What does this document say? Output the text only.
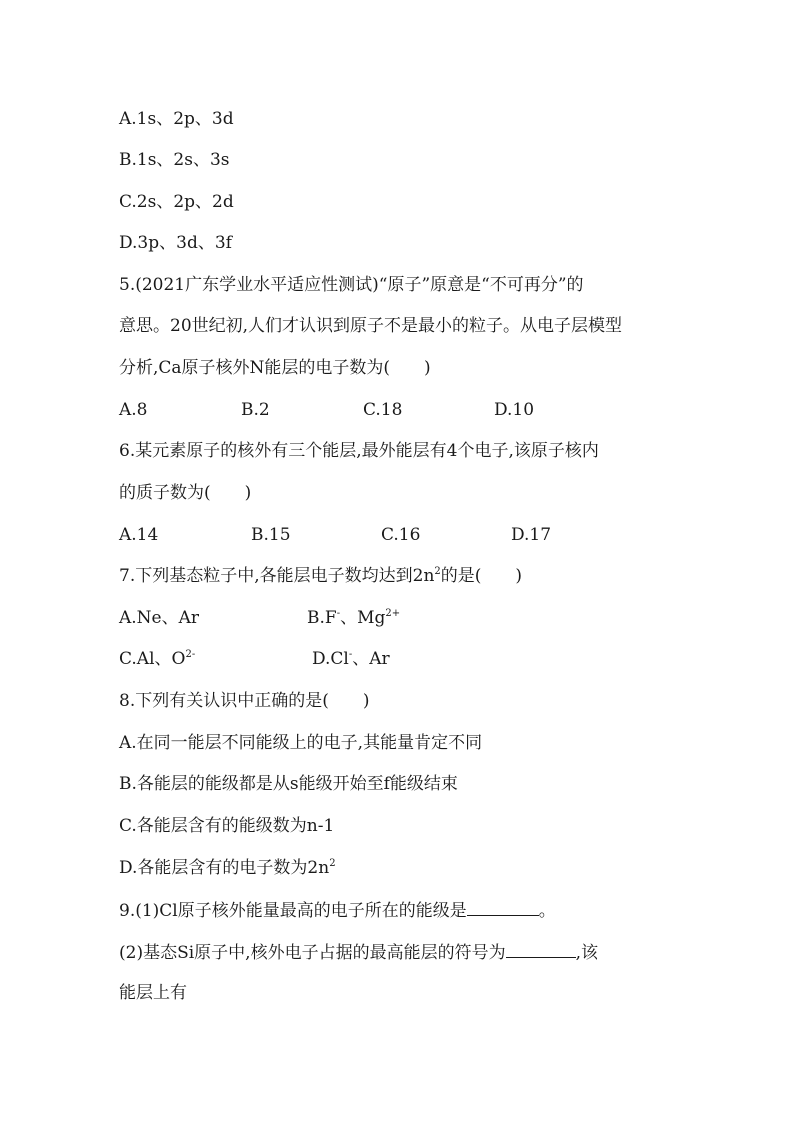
A.1s、2p、3d
B.1s、2s、3s
C.2s、2p、2d
D.3p、3d、3f
5.(2021广东学业水平适应性测试)“原子”原意是“不可再分”的
意思。20世纪初,人们才认识到原子不是最小的粒子。从电子层模型
分析,Ca原子核外N能层的电子数为(　　)
A.8	B.2	C.18	D.10
6.某元素原子的核外有三个能层,最外能层有4个电子,该原子核内
的质子数为(　　)
A.14	B.15	C.16	D.17
7.下列基态粒子中,各能层电子数均达到$2n^2$的是(　　)
A.Ne、Ar	B.F-、$Mg^{2+}$
C.Al、$O^{2-}$	D.Cl-、Ar
8.下列有关认识中正确的是(　　)
A.在同一能层不同能级上的电子,其能量肯定不同
B.各能层的能级都是从s能级开始至f能级结束
C.各能层含有的能级数为n-1
D.各能层含有的电子数为$2n^2$
9.(1)Cl原子核外能量最高的电子所在的能级是	。
(2)基态Si原子中,核外电子占据的最高能层的符号为	,该
能层上有
